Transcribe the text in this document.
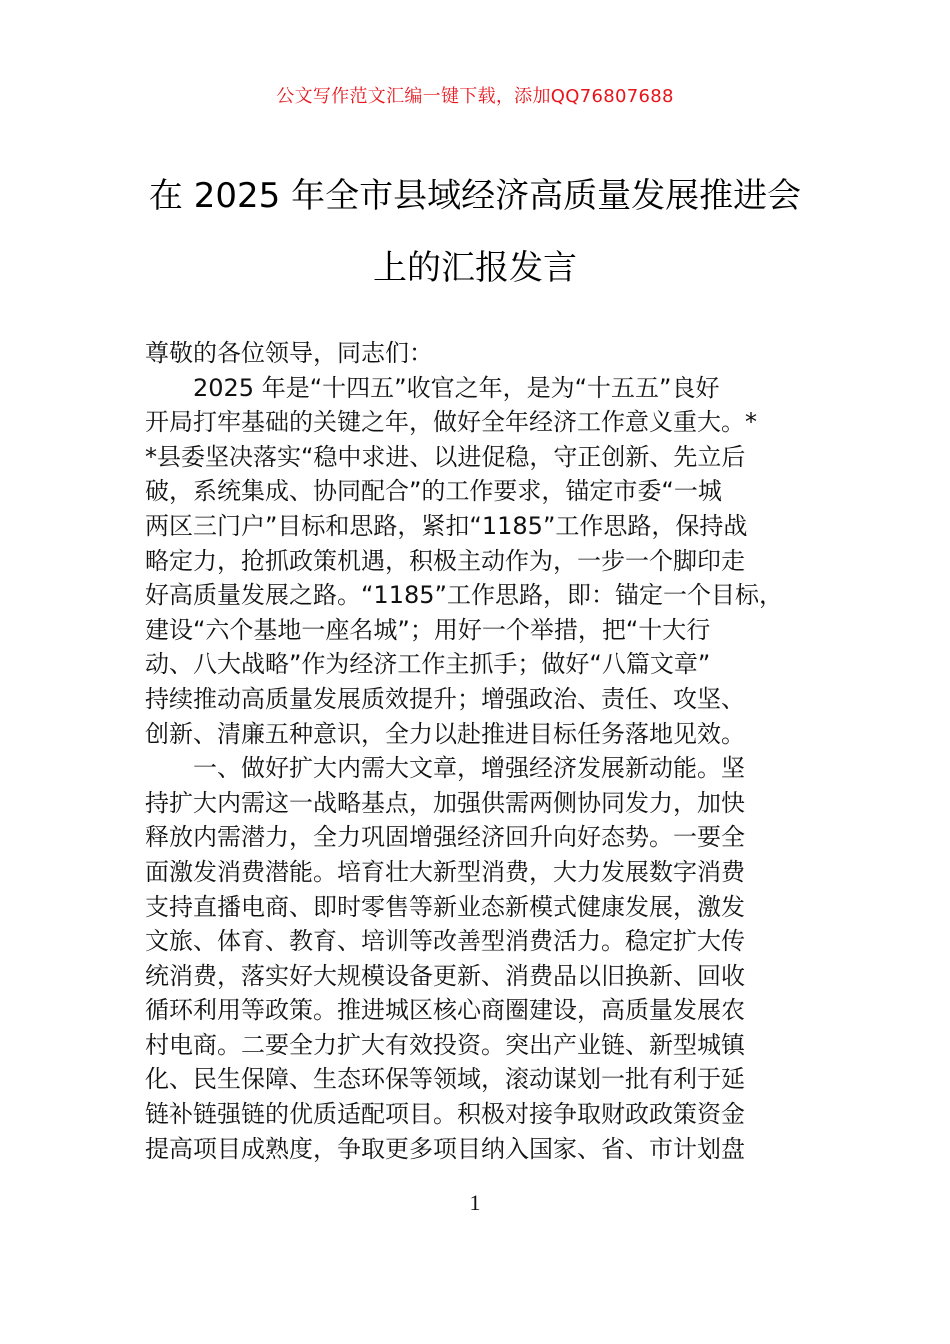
公文写作范文汇编一键下载，添加QQ76807688
在 2025 年全市县域经济高质量发展推进会
上的汇报发言
尊敬的各位领导，同志们：
2025 年是“十四五”收官之年，是为“十五五”良好
开局打牢基础的关键之年，做好全年经济工作意义重大。*
*县委坚决落实“稳中求进、以进促稳，守正创新、先立后
破，系统集成、协同配合”的工作要求，锚定市委“一城
两区三门户”目标和思路，紧扣“1185”工作思路，保持战
略定力，抢抓政策机遇，积极主动作为，一步一个脚印走
好高质量发展之路。“1185”工作思路，即：锚定一个目标，
建设“六个基地一座名城”；用好一个举措，把“十大行
动、八大战略”作为经济工作主抓手；做好“八篇文章”
持续推动高质量发展质效提升；增强政治、责任、攻坚、
创新、清廉五种意识，全力以赴推进目标任务落地见效。
一、做好扩大内需大文章，增强经济发展新动能。坚
持扩大内需这一战略基点，加强供需两侧协同发力，加快
释放内需潜力，全力巩固增强经济回升向好态势。一要全
面激发消费潜能。培育壮大新型消费，大力发展数字消费
支持直播电商、即时零售等新业态新模式健康发展，激发
文旅、体育、教育、培训等改善型消费活力。稳定扩大传
统消费，落实好大规模设备更新、消费品以旧换新、回收
循环利用等政策。推进城区核心商圈建设，高质量发展农
村电商。二要全力扩大有效投资。突出产业链、新型城镇
化、民生保障、生态环保等领域，滚动谋划一批有利于延
链补链强链的优质适配项目。积极对接争取财政政策资金
提高项目成熟度，争取更多项目纳入国家、省、市计划盘
1
